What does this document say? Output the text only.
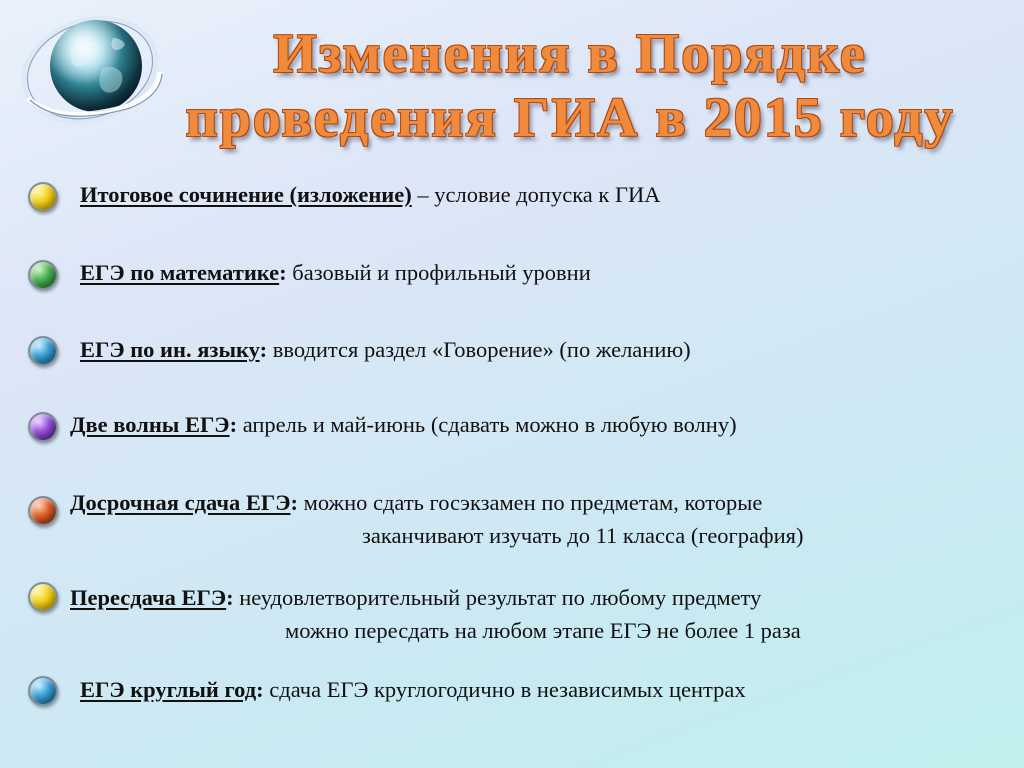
Изменения в Порядке
проведения ГИА в 2015 году
Итоговое сочинение (изложение) – условие допуска к ГИА
ЕГЭ по математике: базовый и профильный уровни
ЕГЭ по ин. языку: вводится раздел «Говорение» (по желанию)
Две волны ЕГЭ: апрель и май-июнь (сдавать можно в любую волну)
Досрочная сдача ЕГЭ: можно сдать госэкзамен по предметам, которые
заканчивают изучать до 11 класса (география)
Пересдача ЕГЭ: неудовлетворительный результат по любому предмету
можно пересдать на любом этапе ЕГЭ не более 1 раза
ЕГЭ круглый год: сдача ЕГЭ круглогодично в независимых центрах
